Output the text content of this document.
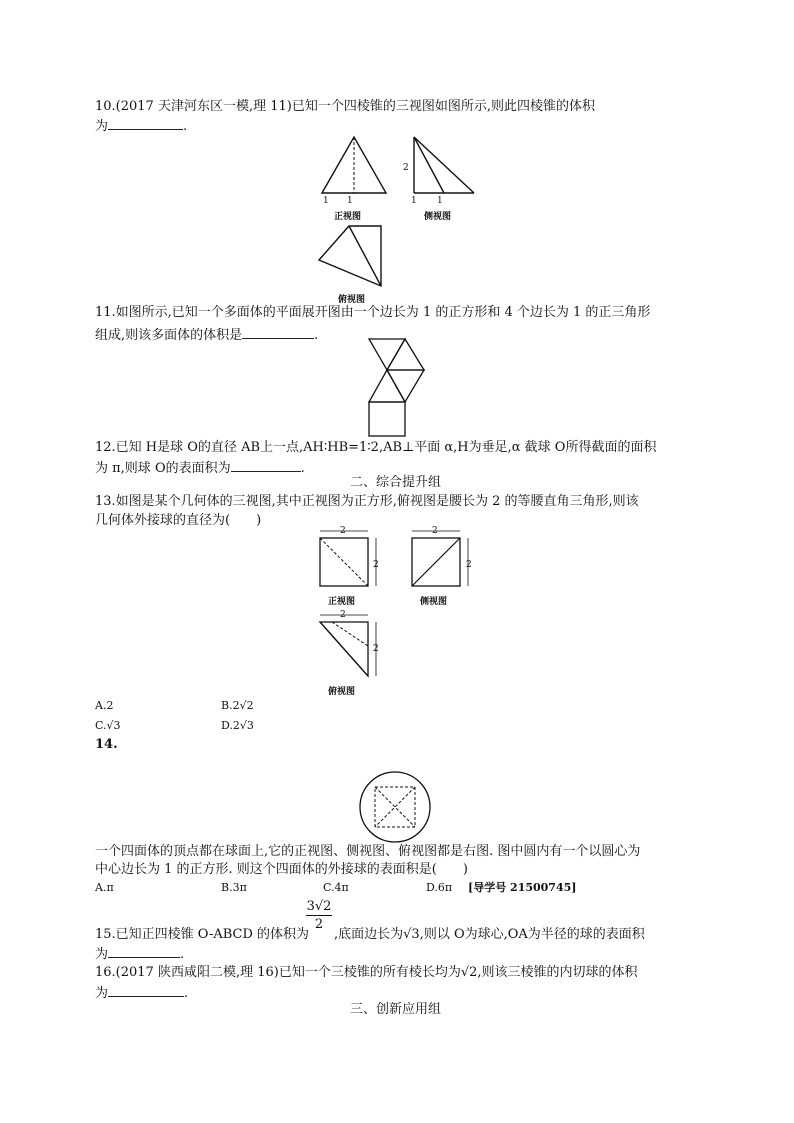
10.(2017 天津河东区一模,理 11)已知一个四棱锥的三视图如图所示,则此四棱锥的体积
为	.
1 1
正视图
2
1 1
侧视图
俯视图
11.如图所示,已知一个多面体的平面展开图由一个边长为 1 的正方形和 4 个边长为 1 的正三角形
组成,则该多面体的体积是	.
12.已知 H是球 O的直径 AB上一点,AH∶HB=1∶2,AB⊥平面 α,H为垂足,α 截球 O所得截面的面积
为 π,则球 O的表面积为	.
二、综合提升组
13.如图是某个几何体的三视图,其中正视图为正方形,俯视图是腰长为 2 的等腰直角三角形,则该
几何体外接球的直径为(　　)
2
2
正视图
2
2
侧视图
2
2
俯视图
A.2	B.2√2
C.√3	D.2√3
14.
一个四面体的顶点都在球面上,它的正视图、侧视图、俯视图都是右图. 图中圆内有一个以圆心为
中心边长为 1 的正方形. 则这个四面体的外接球的表面积是(　　)
A.π	B.3π	C.4π	D.6π [导学号 21500745]
3√2
2
15.已知正四棱锥 O-ABCD 的体积为 ,底面边长为√3,则以 O为球心,OA为半径的球的表面积
为	.
16.(2017 陕西咸阳二模,理 16)已知一个三棱锥的所有棱长均为√2,则该三棱锥的内切球的体积
为	.
三、创新应用组
